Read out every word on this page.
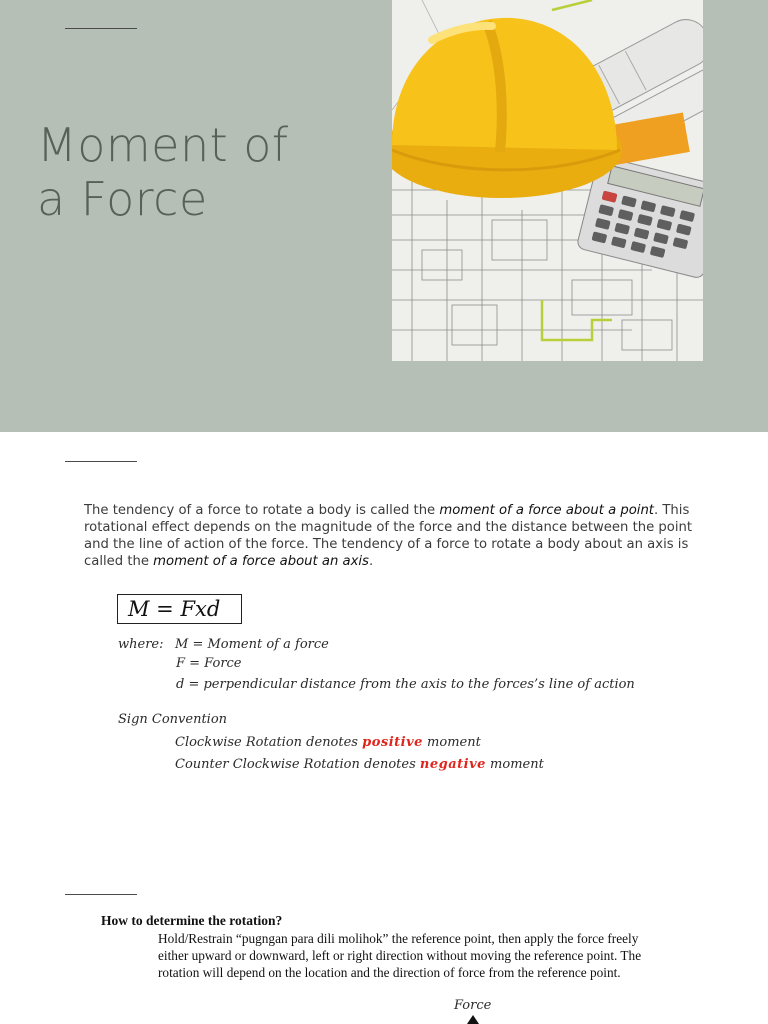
Moment of
a Force

The tendency of a force to rotate a body is called the moment of a force about a point. This rotational effect depends on the magnitude of the force and the distance between the point and the line of action of the force. The tendency of a force to rotate a body about an axis is called the moment of a force about an axis.

M = Fxd
where: M = Moment of a force
F = Force
d = perpendicular distance from the axis to the forces’s line of action
Sign Convention
Clockwise Rotation denotes positive moment
Counter Clockwise Rotation denotes negative moment
How to determine the rotation?

Hold/Restrain “pugngan para dili molihok” the reference point, then apply the force freely either upward or downward, left or right direction without moving the reference point. The rotation will depend on the location and the direction of force from the reference point.

Force
